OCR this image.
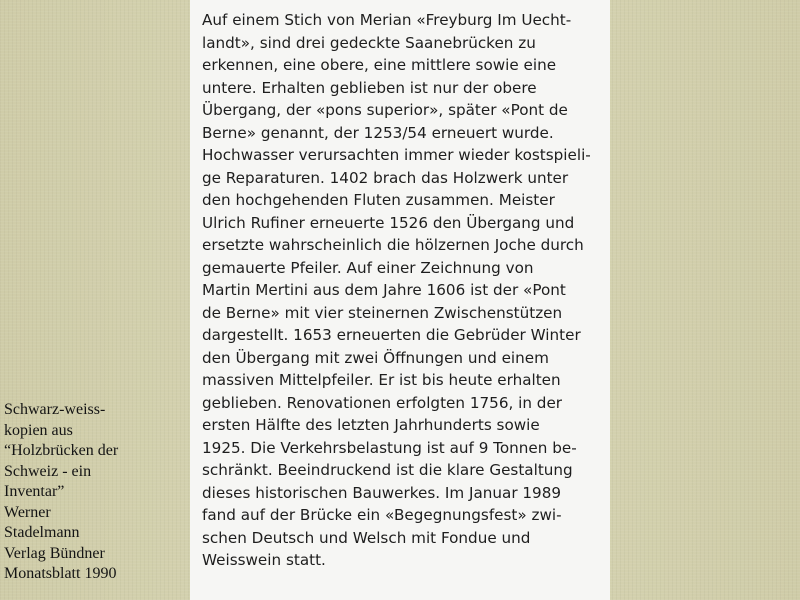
Auf einem Stich von Merian «Freyburg Im Uecht-
landt», sind drei gedeckte Saanebrücken zu
erkennen, eine obere, eine mittlere sowie eine
untere. Erhalten geblieben ist nur der obere
Übergang, der «pons superior», später «Pont de
Berne» genannt, der 1253/54 erneuert wurde.
Hochwasser verursachten immer wieder kostspieli-
ge Reparaturen. 1402 brach das Holzwerk unter
den hochgehenden Fluten zusammen. Meister
Ulrich Rufiner erneuerte 1526 den Übergang und
ersetzte wahrscheinlich die hölzernen Joche durch
gemauerte Pfeiler. Auf einer Zeichnung von
Martin Mertini aus dem Jahre 1606 ist der «Pont
de Berne» mit vier steinernen Zwischenstützen
dargestellt. 1653 erneuerten die Gebrüder Winter
den Übergang mit zwei Öffnungen und einem
massiven Mittelpfeiler. Er ist bis heute erhalten
geblieben. Renovationen erfolgten 1756, in der
ersten Hälfte des letzten Jahrhunderts sowie
1925. Die Verkehrsbelastung ist auf 9 Tonnen be-
schränkt. Beeindruckend ist die klare Gestaltung
dieses historischen Bauwerkes. Im Januar 1989
fand auf der Brücke ein «Begegnungsfest» zwi-
schen Deutsch und Welsch mit Fondue und
Weisswein statt.

Schwarz-weiss-
kopien aus
“Holzbrücken der
Schweiz - ein
Inventar”
Werner
Stadelmann
Verlag Bündner
Monatsblatt 1990
